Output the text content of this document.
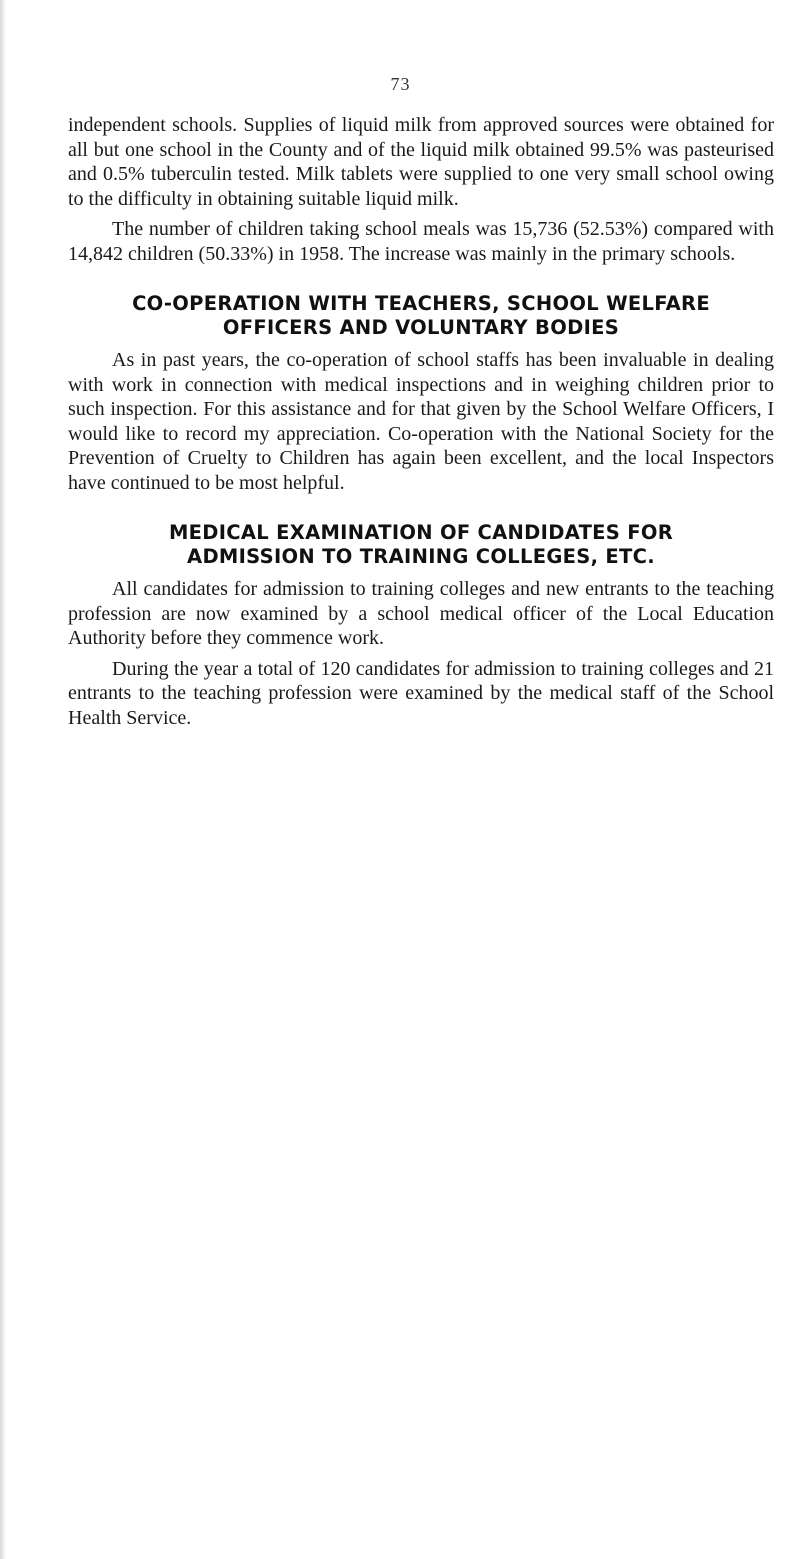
73

independent schools. Supplies of liquid milk from approved sources were obtained for all but one school in the County and of the liquid milk obtained 99.5% was pasteurised and 0.5% tuberculin tested. Milk tablets were supplied to one very small school owing to the difficulty in obtaining suitable liquid milk.

The number of children taking school meals was 15,736 (52.53%) compared with 14,842 children (50.33%) in 1958. The increase was mainly in the primary schools.

CO-OPERATION WITH TEACHERS, SCHOOL WELFARE

OFFICERS AND VOLUNTARY BODIES

As in past years, the co-operation of school staffs has been invaluable in dealing with work in connection with medical inspections and in weighing children prior to such inspection. For this assistance and for that given by the School Welfare Officers, I would like to record my appreciation. Co-operation with the National Society for the Prevention of Cruelty to Children has again been excellent, and the local Inspectors have continued to be most helpful.

MEDICAL EXAMINATION OF CANDIDATES FOR

ADMISSION TO TRAINING COLLEGES, ETC.

All candidates for admission to training colleges and new entrants to the teaching profession are now examined by a school medical officer of the Local Education Authority before they commence work.

During the year a total of 120 candidates for admission to training colleges and 21 entrants to the teaching profession were examined by the medical staff of the School Health Service.
